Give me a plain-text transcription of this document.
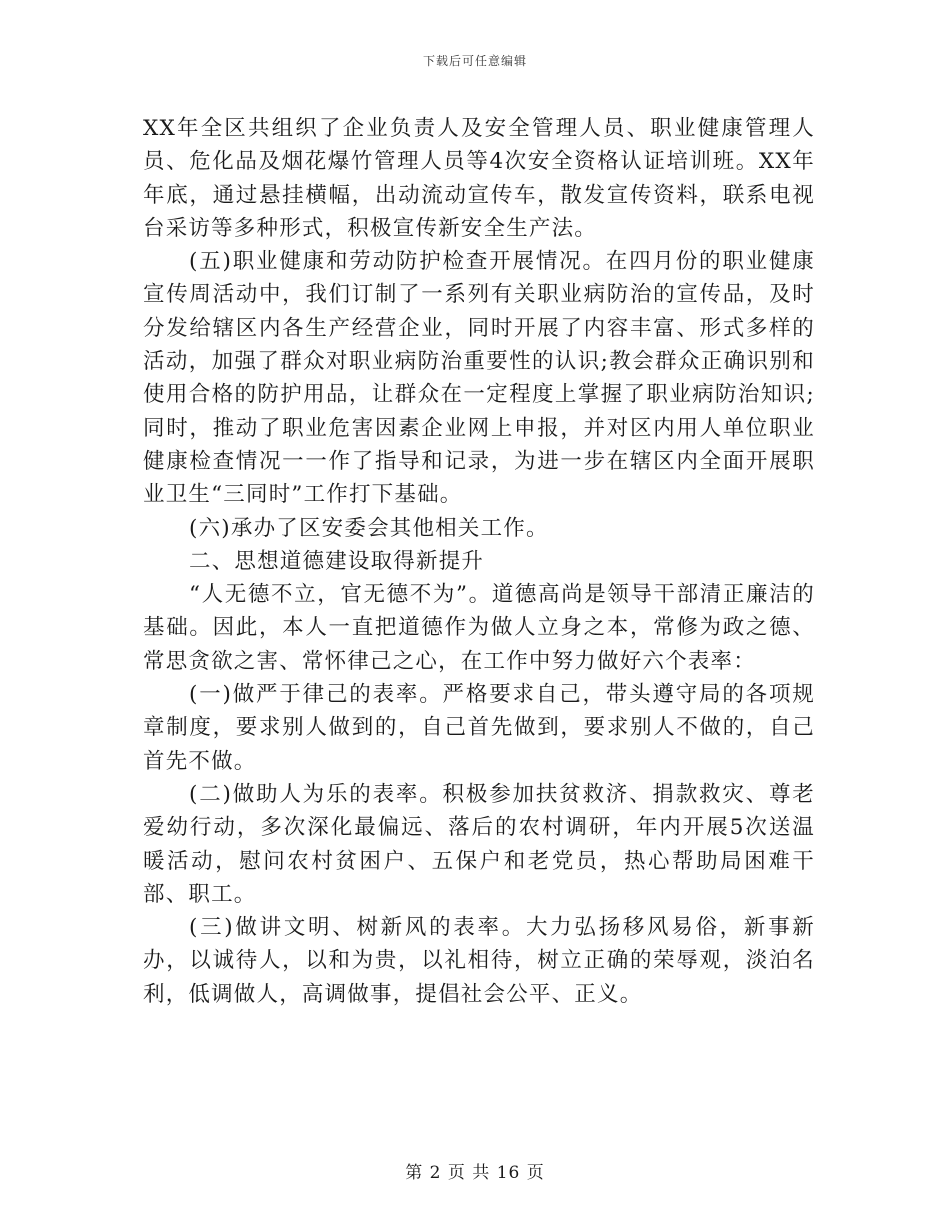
下载后可任意编辑

XX年全区共组织了企业负责人及安全管理人员、职业健康管理人员、危化品及烟花爆竹管理人员等4次安全资格认证培训班。XX年年底，通过悬挂横幅，出动流动宣传车，散发宣传资料，联系电视台采访等多种形式，积极宣传新安全生产法。

(五)职业健康和劳动防护检查开展情况。在四月份的职业健康宣传周活动中，我们订制了一系列有关职业病防治的宣传品，及时分发给辖区内各生产经营企业，同时开展了内容丰富、形式多样的活动，加强了群众对职业病防治重要性的认识;教会群众正确识别和使用合格的防护用品，让群众在一定程度上掌握了职业病防治知识;同时，推动了职业危害因素企业网上申报，并对区内用人单位职业健康检查情况一一作了指导和记录，为进一步在辖区内全面开展职业卫生“三同时”工作打下基础。

(六)承办了区安委会其他相关工作。

二、思想道德建设取得新提升

“人无德不立，官无德不为”。道德高尚是领导干部清正廉洁的基础。因此，本人一直把道德作为做人立身之本，常修为政之德、常思贪欲之害、常怀律己之心，在工作中努力做好六个表率：

(一)做严于律己的表率。严格要求自己，带头遵守局的各项规章制度，要求别人做到的，自己首先做到，要求别人不做的，自己首先不做。

(二)做助人为乐的表率。积极参加扶贫救济、捐款救灾、尊老爱幼行动，多次深化最偏远、落后的农村调研，年内开展5次送温暖活动，慰问农村贫困户、五保户和老党员，热心帮助局困难干部、职工。

(三)做讲文明、树新风的表率。大力弘扬移风易俗，新事新办，以诚待人，以和为贵，以礼相待，树立正确的荣辱观，淡泊名利，低调做人，高调做事，提倡社会公平、正义。

第 2 页 共 16 页
